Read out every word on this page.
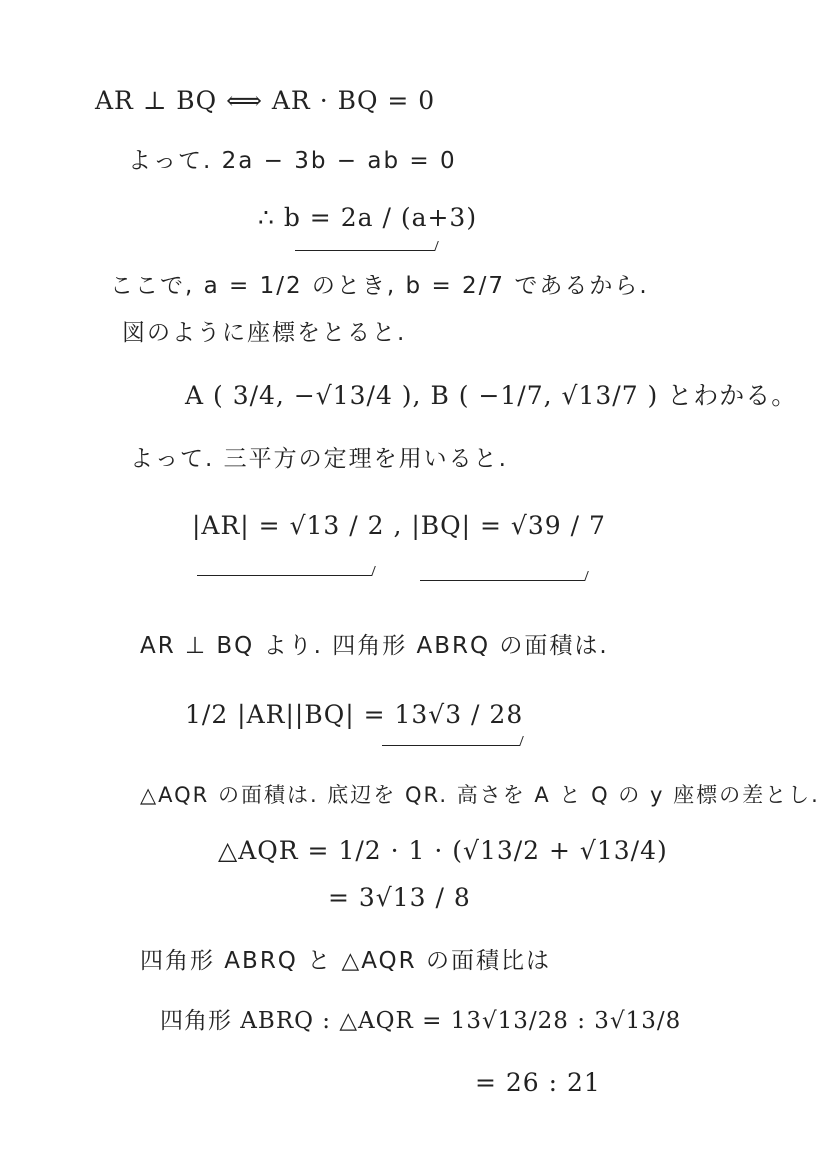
AR ⊥ BQ ⟺ AR · BQ = 0
よって. 2a − 3b − ab = 0
∴ b = 2a / (a+3)
ここで, a = 1/2 のとき, b = 2/7 であるから.
図のように座標をとると.
A ( 3/4, −√13/4 ), B ( −1/7, √13/7 ) とわかる。
よって. 三平方の定理を用いると.
|AR| = √13 / 2 , |BQ| = √39 / 7
AR ⊥ BQ より. 四角形 ABRQ の面積は.
1/2 |AR||BQ| = 13√3 / 28
△AQR の面積は. 底辺を QR. 高さを A と Q の y 座標の差とし.
△AQR = 1/2 · 1 · (√13/2 + √13/4)
= 3√13 / 8
四角形 ABRQ と △AQR の面積比は
四角形 ABRQ : △AQR = 13√13/28 : 3√13/8
= 26 : 21
